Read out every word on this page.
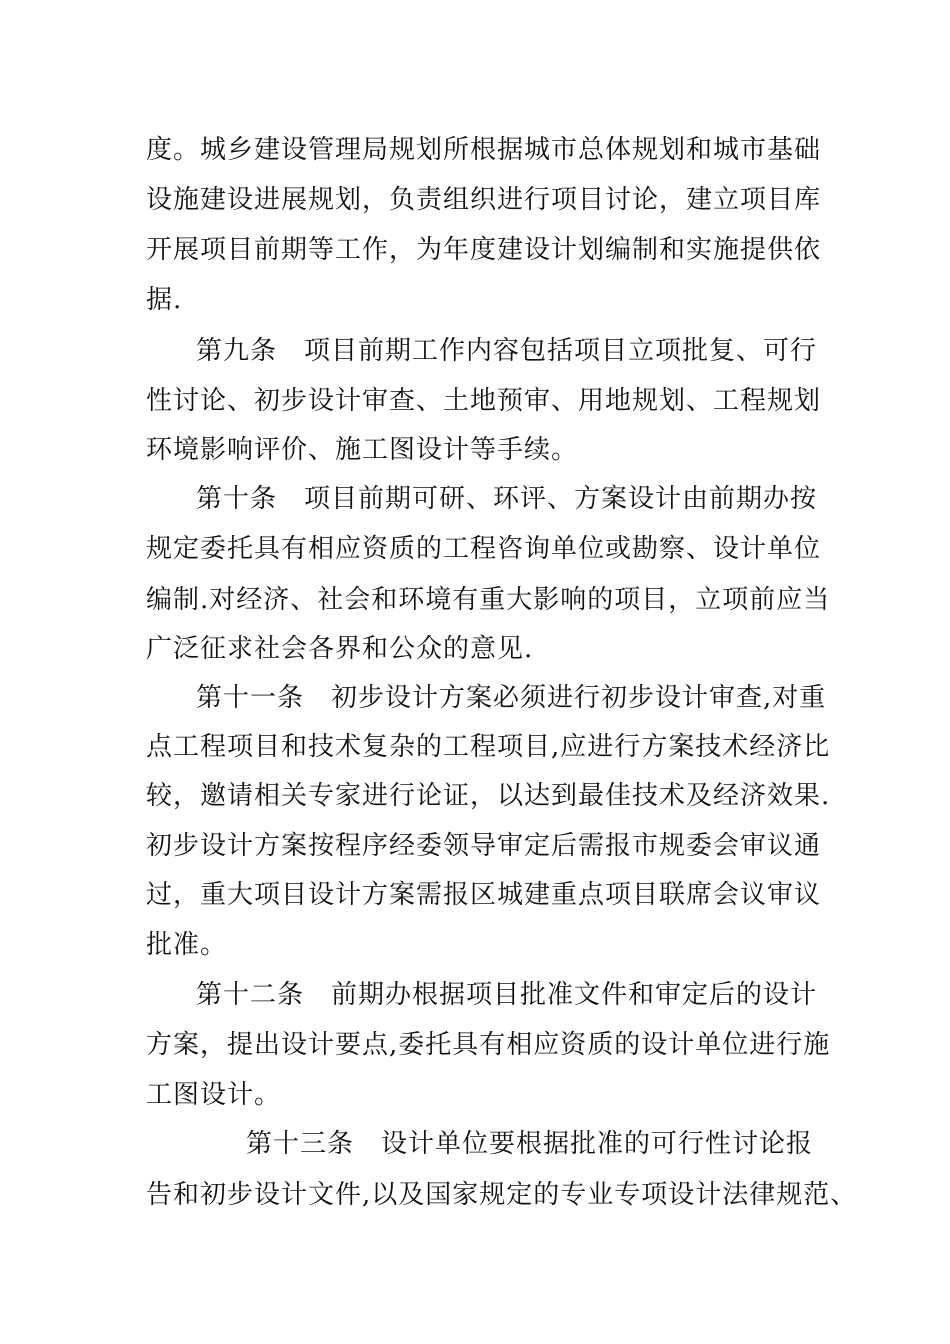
度。城乡建设管理局规划所根据城市总体规划和城市基础
设施建设进展规划，负责组织进行项目讨论，建立项目库
开展项目前期等工作，为年度建设计划编制和实施提供依
据.
第九条　项目前期工作内容包括项目立项批复、可行
性讨论、初步设计审查、土地预审、用地规划、工程规划
环境影响评价、施工图设计等手续。
第十条　项目前期可研、环评、方案设计由前期办按
规定委托具有相应资质的工程咨询单位或勘察、设计单位
编制.对经济、社会和环境有重大影响的项目，立项前应当
广泛征求社会各界和公众的意见.
第十一条　初步设计方案必须进行初步设计审查,对重
点工程项目和技术复杂的工程项目,应进行方案技术经济比
较，邀请相关专家进行论证，以达到最佳技术及经济效果.
初步设计方案按程序经委领导审定后需报市规委会审议通
过，重大项目设计方案需报区城建重点项目联席会议审议
批准。
第十二条　前期办根据项目批准文件和审定后的设计
方案，提出设计要点,委托具有相应资质的设计单位进行施
工图设计。
第十三条　设计单位要根据批准的可行性讨论报
告和初步设计文件,以及国家规定的专业专项设计法律规范、
